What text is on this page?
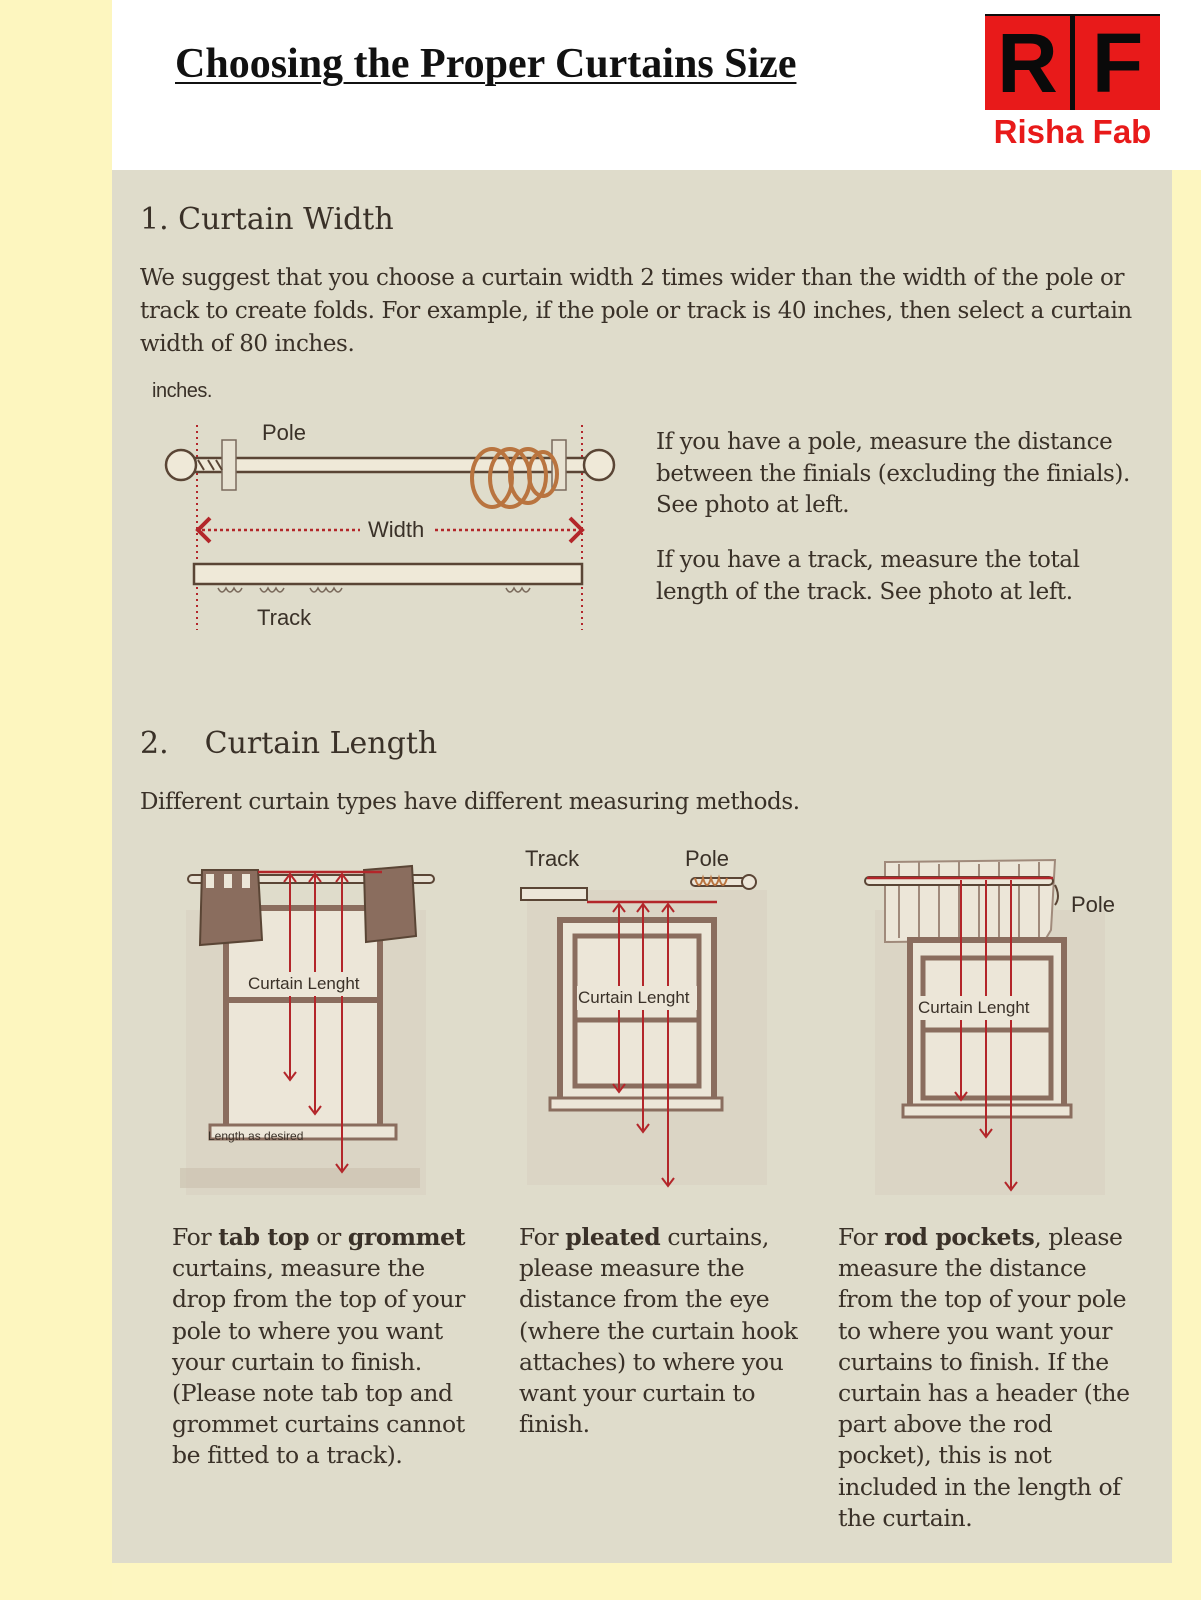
Choosing the Proper Curtains Size R F
Risha Fab
1. Curtain Width

We suggest that you choose a curtain width 2 times wider than the width of the pole or track to create folds. For example, if the pole or track is 40 inches, then select a curtain width of 80 inches.

inches.

Pole
Width
Track

If you have a pole, measure the distance between the finials (excluding the finials). See photo at left.

If you have a track, measure the total length of the track. See photo at left.

2. Curtain Length

Different curtain types have different measuring methods.

Curtain Lenght
Length as desired
Track	Pole
Curtain Lenght
Pole
Curtain Lenght

For tab top or grommet curtains, measure the drop from the top of your pole to where you want your curtain to finish. (Please note tab top and grommet curtains cannot be fitted to a track).

For pleated curtains, please measure the distance from the eye (where the curtain hook attaches) to where you want your curtain to finish.

For rod pockets, please measure the distance from the top of your pole to where you want your curtains to finish. If the curtain has a header (the part above the rod pocket), this is not included in the length of the curtain.
